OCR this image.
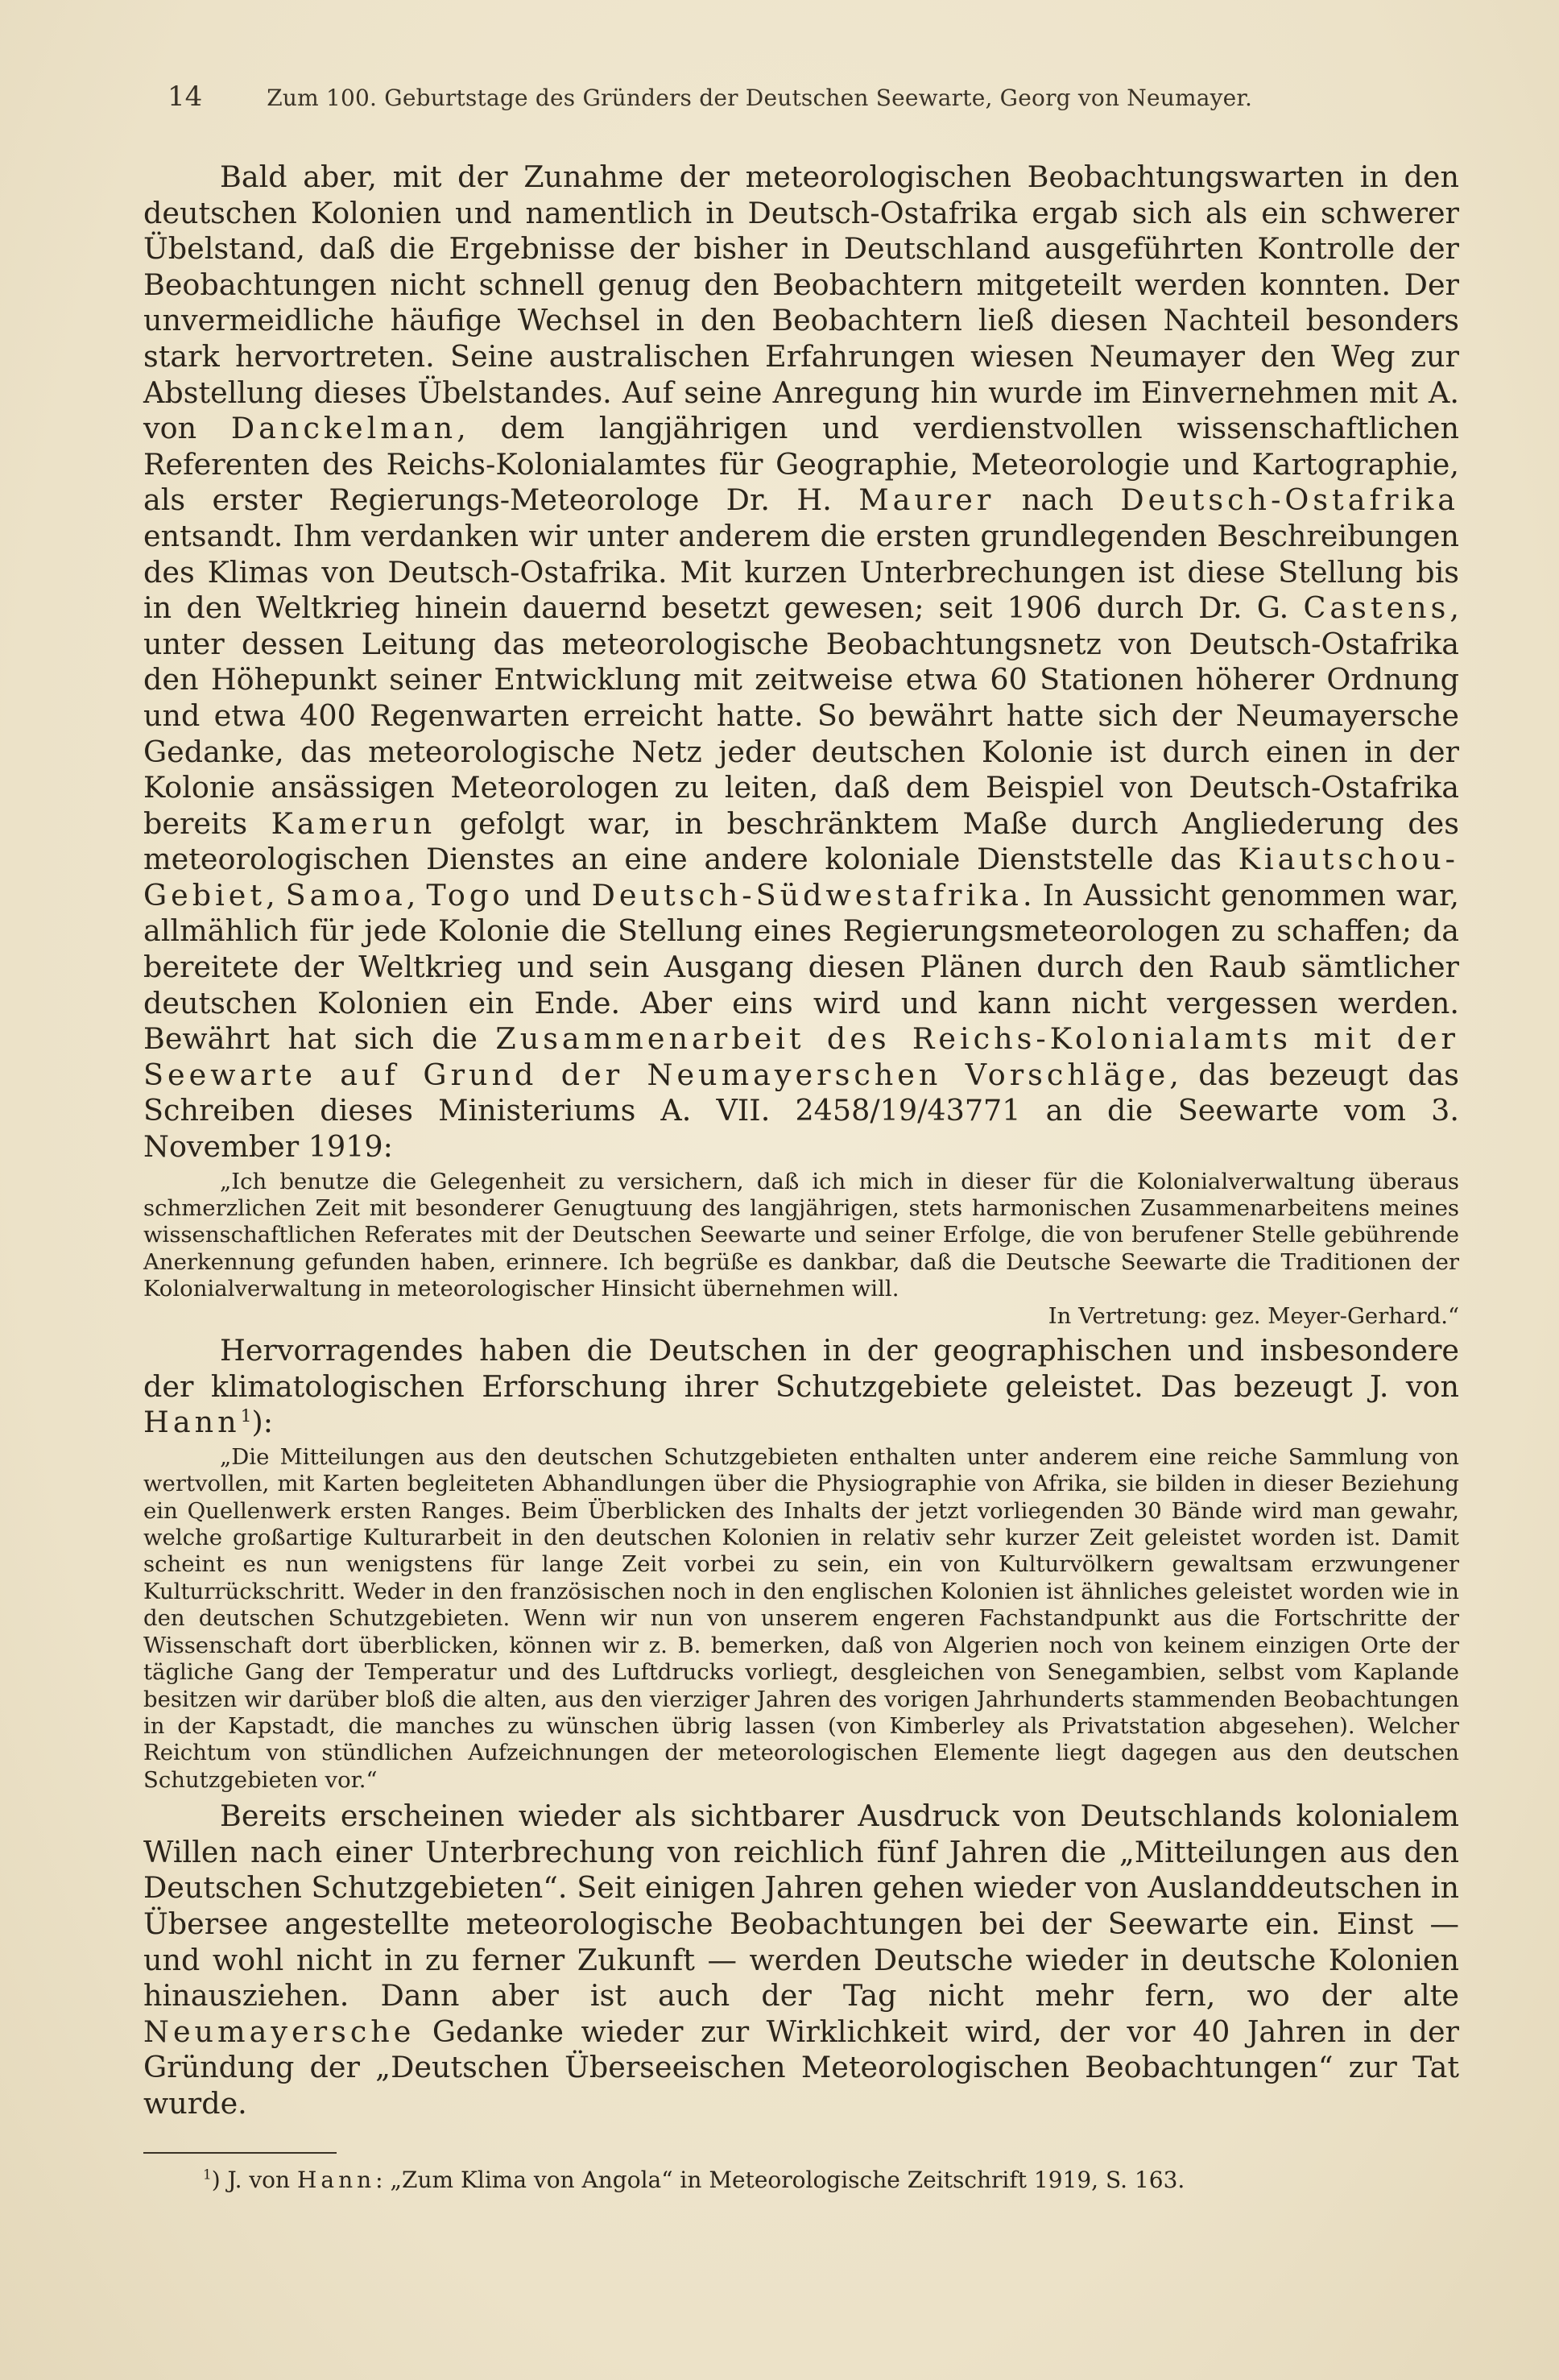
14	Zum 100. Geburtstage des Gründers der Deutschen Seewarte, Georg von Neumayer.

Bald aber, mit der Zunahme der meteorologischen Beobachtungswarten in den deutschen Kolonien und namentlich in Deutsch-Ostafrika ergab sich als ein schwerer Übelstand, daß die Ergebnisse der bisher in Deutschland ausgeführten Kontrolle der Beobachtungen nicht schnell genug den Beobachtern mitgeteilt werden konnten. Der unvermeidliche häufige Wechsel in den Beobachtern ließ diesen Nachteil besonders stark hervortreten. Seine australischen Erfahrungen wiesen Neumayer den Weg zur Abstellung dieses Übelstandes. Auf seine Anregung hin wurde im Einvernehmen mit A. von Danckelman, dem langjährigen und verdienstvollen wissenschaftlichen Referenten des Reichs-Kolonialamtes für Geographie, Meteorologie und Kartographie, als erster Regierungs-Meteorologe Dr. H. Maurer nach Deutsch-Ostafrika entsandt. Ihm verdanken wir unter anderem die ersten grundlegenden Beschreibungen des Klimas von Deutsch-Ostafrika. Mit kurzen Unterbrechungen ist diese Stellung bis in den Weltkrieg hinein dauernd besetzt gewesen; seit 1906 durch Dr. G. Castens, unter dessen Leitung das meteorologische Beobachtungsnetz von Deutsch-Ostafrika den Höhepunkt seiner Entwicklung mit zeitweise etwa 60 Stationen höherer Ordnung und etwa 400 Regenwarten erreicht hatte. So bewährt hatte sich der Neumayersche Gedanke, das meteorologische Netz jeder deutschen Kolonie ist durch einen in der Kolonie ansässigen Meteorologen zu leiten, daß dem Beispiel von Deutsch-Ostafrika bereits Kamerun gefolgt war, in beschränktem Maße durch Angliederung des meteorologischen Dienstes an eine andere koloniale Dienststelle das Kiautschou-Gebiet, Samoa, Togo und Deutsch-Südwestafrika. In Aussicht genommen war, allmählich für jede Kolonie die Stellung eines Regierungsmeteorologen zu schaffen; da bereitete der Weltkrieg und sein Ausgang diesen Plänen durch den Raub sämtlicher deutschen Kolonien ein Ende. Aber eins wird und kann nicht vergessen werden. Bewährt hat sich die Zusammenarbeit des Reichs-Kolonialamts mit der Seewarte auf Grund der Neumayerschen Vorschläge, das bezeugt das Schreiben dieses Ministeriums A. VII. 2458/19/43771 an die Seewarte vom 3. November 1919:

„Ich benutze die Gelegenheit zu versichern, daß ich mich in dieser für die Kolonialverwaltung überaus schmerzlichen Zeit mit besonderer Genugtuung des langjährigen, stets harmonischen Zusammenarbeitens meines wissenschaftlichen Referates mit der Deutschen Seewarte und seiner Erfolge, die von berufener Stelle gebührende Anerkennung gefunden haben, erinnere. Ich begrüße es dankbar, daß die Deutsche Seewarte die Traditionen der Kolonialverwaltung in meteorologischer Hinsicht übernehmen will.

In Vertretung: gez. Meyer-Gerhard.“

Hervorragendes haben die Deutschen in der geographischen und insbesondere der klimatologischen Erforschung ihrer Schutzgebiete geleistet. Das bezeugt J. von Hann$^1$):

„Die Mitteilungen aus den deutschen Schutzgebieten enthalten unter anderem eine reiche Sammlung von wertvollen, mit Karten begleiteten Abhandlungen über die Physiographie von Afrika, sie bilden in dieser Beziehung ein Quellenwerk ersten Ranges. Beim Überblicken des Inhalts der jetzt vorliegenden 30 Bände wird man gewahr, welche großartige Kulturarbeit in den deutschen Kolonien in relativ sehr kurzer Zeit geleistet worden ist. Damit scheint es nun wenigstens für lange Zeit vorbei zu sein, ein von Kulturvölkern gewaltsam erzwungener Kulturrückschritt. Weder in den französischen noch in den englischen Kolonien ist ähnliches geleistet worden wie in den deutschen Schutzgebieten. Wenn wir nun von unserem engeren Fachstandpunkt aus die Fortschritte der Wissenschaft dort überblicken, können wir z. B. bemerken, daß von Algerien noch von keinem einzigen Orte der tägliche Gang der Temperatur und des Luftdrucks vorliegt, desgleichen von Senegambien, selbst vom Kaplande besitzen wir darüber bloß die alten, aus den vierziger Jahren des vorigen Jahrhunderts stammenden Beobachtungen in der Kapstadt, die manches zu wünschen übrig lassen (von Kimberley als Privatstation abgesehen). Welcher Reichtum von stündlichen Aufzeichnungen der meteorologischen Elemente liegt dagegen aus den deutschen Schutzgebieten vor.“

Bereits erscheinen wieder als sichtbarer Ausdruck von Deutschlands kolonialem Willen nach einer Unterbrechung von reichlich fünf Jahren die „Mitteilungen aus den Deutschen Schutzgebieten“. Seit einigen Jahren gehen wieder von Auslanddeutschen in Übersee angestellte meteorologische Beobachtungen bei der Seewarte ein. Einst — und wohl nicht in zu ferner Zukunft — werden Deutsche wieder in deutsche Kolonien hinausziehen. Dann aber ist auch der Tag nicht mehr fern, wo der alte Neumayersche Gedanke wieder zur Wirklichkeit wird, der vor 40 Jahren in der Gründung der „Deutschen Überseeischen Meteorologischen Beobachtungen“ zur Tat wurde.

$^1$) J. von Hann: „Zum Klima von Angola“ in Meteorologische Zeitschrift 1919, S. 163.
